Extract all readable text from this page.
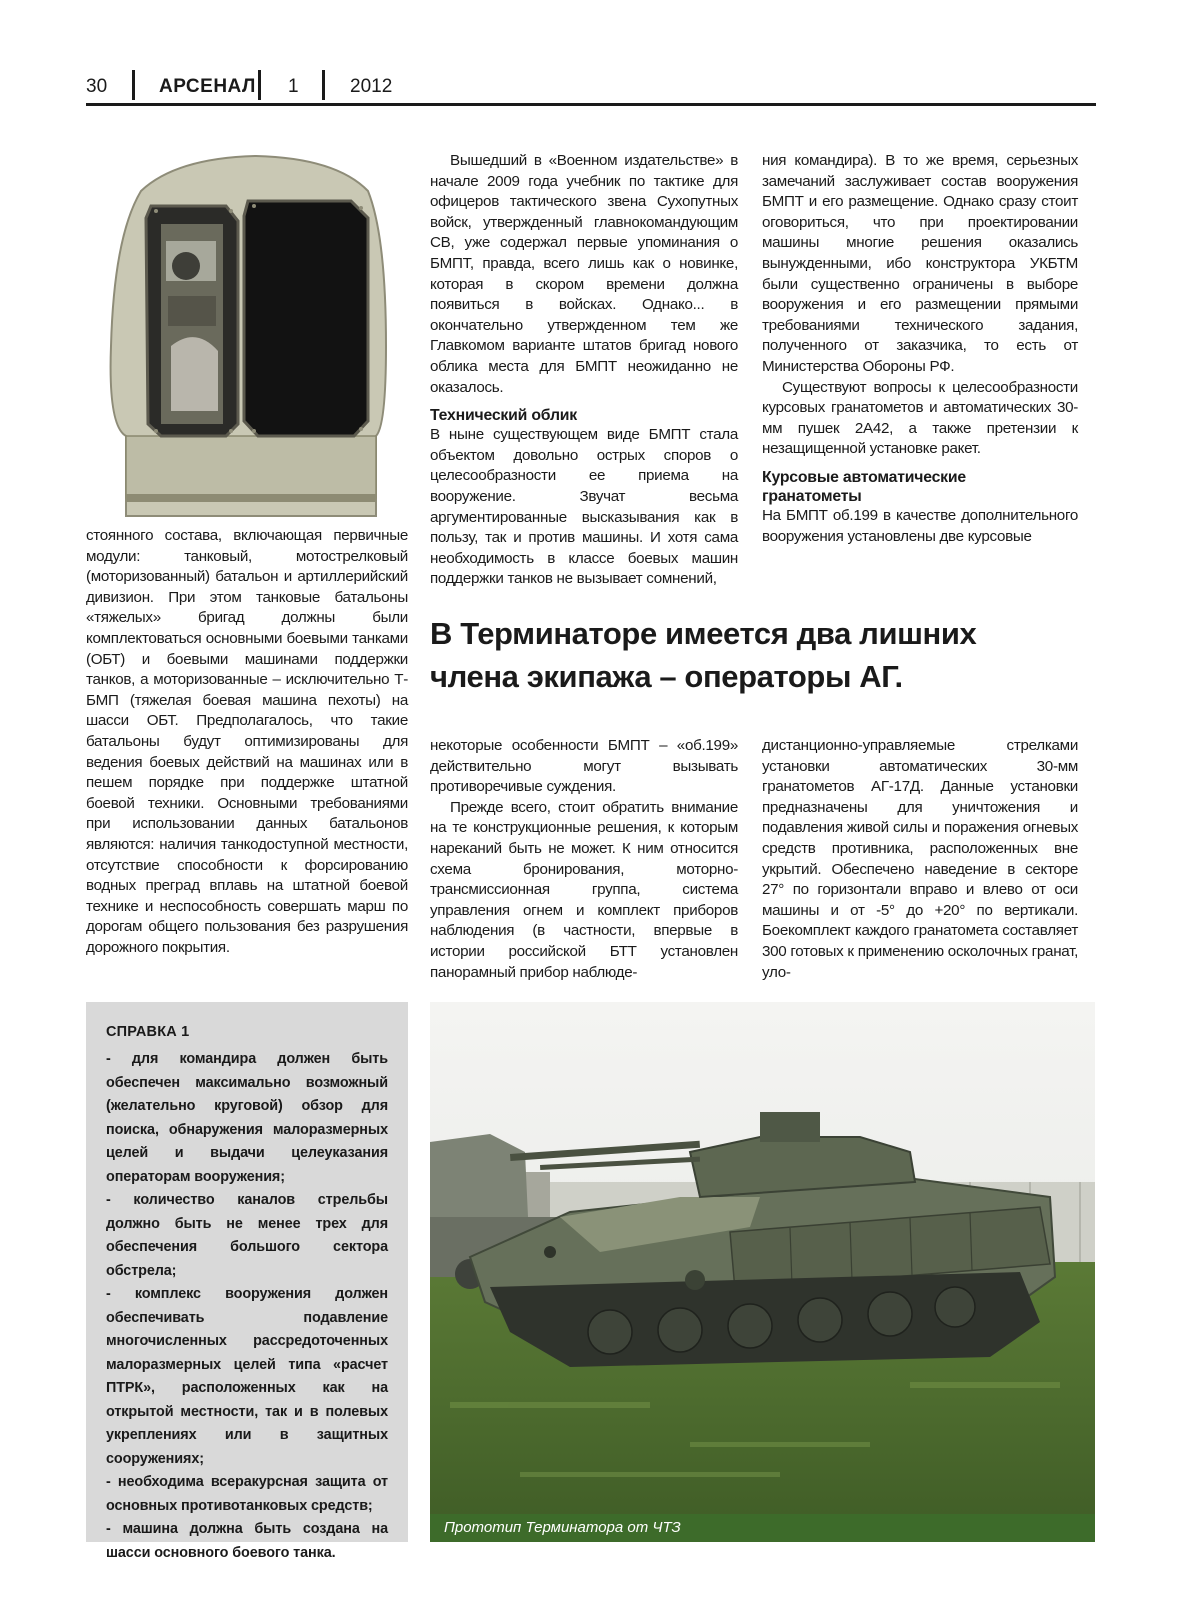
30	АРСЕНАЛ 1	2012

стоянного состава, включающая первичные модули: танковый, мотострелковый (моторизованный) батальон и артиллерийский дивизион. При этом танковые батальоны «тяжелых» бригад должны были комплектоваться основными боевыми танками (ОБТ) и боевыми машинами поддержки танков, а моторизованные – исключительно Т-БМП (тяжелая боевая машина пехоты) на шасси ОБТ. Предполагалось, что такие батальоны будут оптимизированы для ведения боевых действий на машинах или в пешем порядке при поддержке штатной боевой техники. Основными требованиями при использовании данных батальонов являются: наличия танкодоступной местности, отсутствие способности к форсированию водных преград вплавь на штатной боевой технике и неспособность совершать марш по дорогам общего пользования без разрушения дорожного покрытия.

Вышедший в «Военном издательстве» в начале 2009 года учебник по тактике для офицеров тактического звена Сухопутных войск, утвержденный главнокомандующим СВ, уже содержал первые упоминания о БМПТ, правда, всего лишь как о новинке, которая в скором времени должна появиться в войсках. Однако... в окончательно утвержденном тем же Главкомом варианте штатов бригад нового облика места для БМПТ неожиданно не оказалось.

Технический облик

В ныне существующем виде БМПТ стала объектом довольно острых споров о целесообразности ее приема на вооружение. Звучат весьма аргументированные высказывания как в пользу, так и против машины. И хотя сама необходимость в классе боевых машин поддержки танков не вызывает сомнений,

ния командира). В то же время, серьезных замечаний заслуживает состав вооружения БМПТ и его размещение. Однако сразу стоит оговориться, что при проектировании машины многие решения оказались вынужденными, ибо конструктора УКБТМ были существенно ограничены в выборе вооружения и его размещении прямыми требованиями технического задания, полученного от заказчика, то есть от Министерства Обороны РФ.

Существуют вопросы к целесообразности курсовых гранатометов и автоматических 30-мм пушек 2А42, а также претензии к незащищенной установке ракет.

Курсовые автоматические
гранатометы

На БМПТ об.199 в качестве дополнительного вооружения установлены две курсовые

В Терминаторе имеется два лишних
члена экипажа – операторы АГ.

некоторые особенности БМПТ – «об.199» действительно могут вызывать противоречивые суждения.

Прежде всего, стоит обратить внимание на те конструкционные решения, к которым нареканий быть не может. К ним относится схема бронирования, моторно-трансмиссионная группа, система управления огнем и комплект приборов наблюдения (в частности, впервые в истории российской БТТ установлен панорамный прибор наблюде-

дистанционно-управляемые стрелками установки автоматических 30-мм гранатометов АГ-17Д. Данные установки предназначены для уничтожения и подавления живой силы и поражения огневых средств противника, расположенных вне укрытий. Обеспечено наведение в секторе 27° по горизонтали вправо и влево от оси машины и от -5° до +20° по вертикали. Боекомплект каждого гранатомета составляет 300 готовых к применению осколочных гранат, уло-

СПРАВКА 1

- для командира должен быть обеспечен максимально возможный (желательно круговой) обзор для поиска, обнаружения малоразмерных целей и выдачи целеуказания операторам вооружения;

- количество каналов стрельбы должно быть не менее трех для обеспечения большого сектора обстрела;

- комплекс вооружения должен обеспечивать подавление многочисленных рассредоточенных малоразмерных целей типа «расчет ПТРК», расположенных как на открытой местности, так и в полевых укреплениях или в защитных сооружениях;

- необходима всеракурсная защита от основных противотанковых средств;

- машина должна быть создана на шасси основного боевого танка.

Прототип Терминатора от ЧТЗ
